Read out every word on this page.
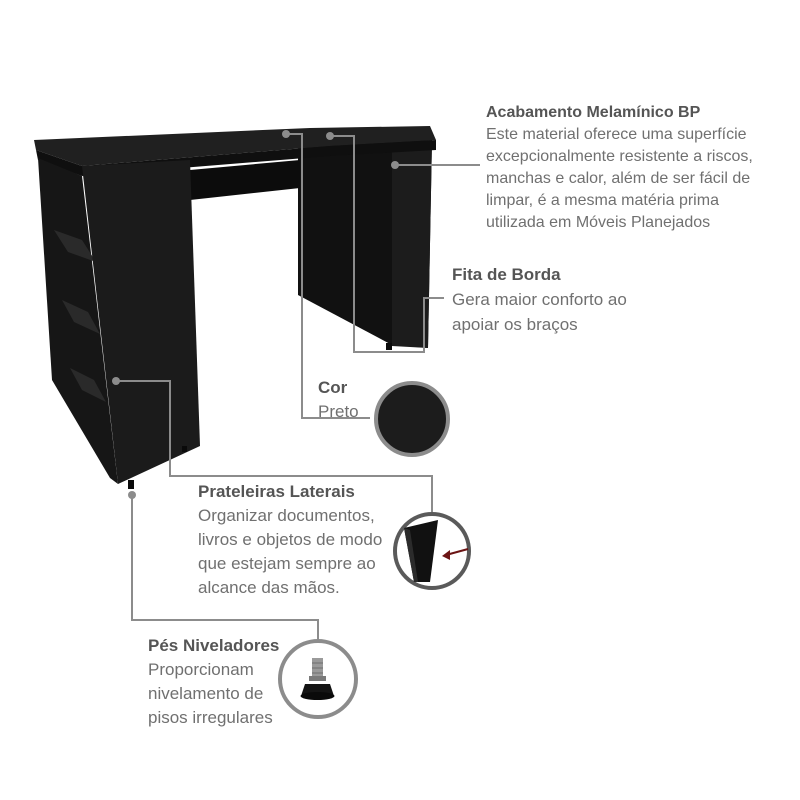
Acabamento Melamínico BP
Este material oferece uma superfície
excepcionalmente resistente a riscos,
manchas e calor, além de ser fácil de
limpar, é a mesma matéria prima
utilizada em Móveis Planejados
Fita de Borda
Gera maior conforto ao
apoiar os braços
Cor
Preto
Prateleiras Laterais
Organizar documentos,
livros e objetos de modo
que estejam sempre ao
alcance das mãos.
Pés Niveladores
Proporcionam
nivelamento de
pisos irregulares
